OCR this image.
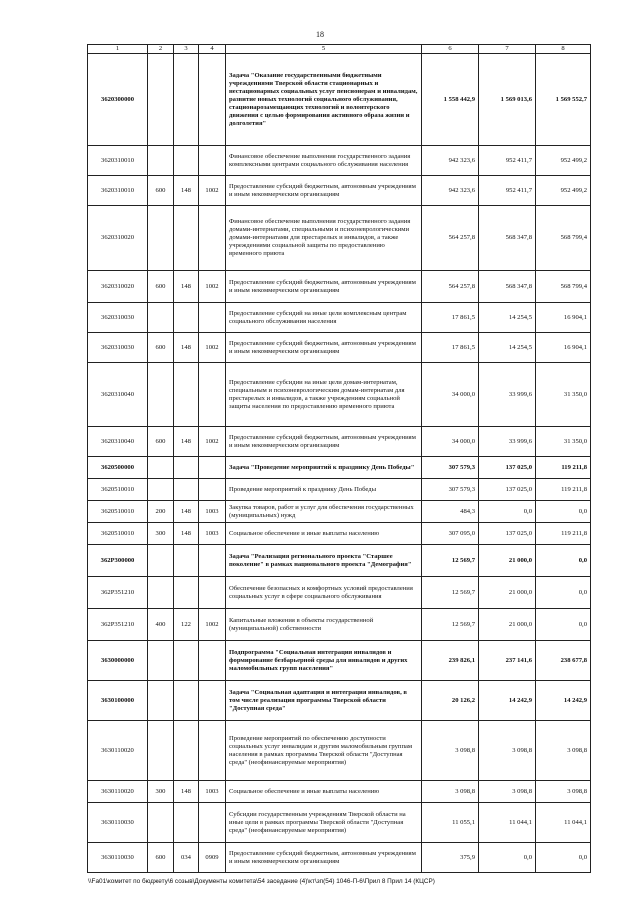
18
1	2	3	4	5	6	7	8
3620300000				Задача "Оказание государственными бюджетными учреждениями Тверской области стационарных и нестационарных социальных услуг пенсионерам и инвалидам, развитие новых технологий социального обслуживания, стационарозамещающих технологий и волонтерского движения с целью формирования активного образа жизни и долголетия"	1 558 442,9	1 569 013,6	1 569 552,7
3620310010				Финансовое обеспечение выполнения государственного задания комплексными центрами социального обслуживания населения	942 323,6	952 411,7	952 499,2
3620310010	600	148	1002	Предоставление субсидий бюджетным, автономным учреждениям и иным некоммерческим организациям	942 323,6	952 411,7	952 499,2
3620310020				Финансовое обеспечение выполнения государственного задания домами-интернатами, специальными и психоневрологическими домами-интернатами для престарелых и инвалидов, а также учреждениями социальной защиты по предоставлению временного приюта	564 257,8	568 347,8	568 799,4
3620310020	600	148	1002	Предоставление субсидий бюджетным, автономным учреждениям и иным некоммерческим организациям	564 257,8	568 347,8	568 799,4
3620310030				Предоставление субсидий на иные цели комплексным центрам социального обслуживания населения	17 861,5	14 254,5	16 904,1
3620310030	600	148	1002	Предоставление субсидий бюджетным, автономным учреждениям и иным некоммерческим организациям	17 861,5	14 254,5	16 904,1
3620310040				Предоставление субсидии на иные цели домам-интернатам, специальным и психоневрологическим домам-интернатам для престарелых и инвалидов, а также учреждениям социальной защиты населения по предоставлению временного приюта	34 000,0	33 999,6	31 350,0
3620310040	600	148	1002	Предоставление субсидий бюджетным, автономным учреждениям и иным некоммерческим организациям	34 000,0	33 999,6	31 350,0
3620500000				Задача "Проведение мероприятий к празднику День Победы"	307 579,3	137 025,0	119 211,8
3620510010				Проведение мероприятий к празднику День Победы	307 579,3	137 025,0	119 211,8
3620510010	200	148	1003	Закупка товаров, работ и услуг для обеспечения государственных (муниципальных) нужд	484,3	0,0	0,0
3620510010	300	148	1003	Социальное обеспечение и иные выплаты населению	307 095,0	137 025,0	119 211,8
362P300000				Задача "Реализация регионального проекта "Старшее поколение" в рамках национального проекта "Демография"	12 569,7	21 000,0	0,0
362P351210				Обеспечение безопасных и комфортных условий предоставления социальных услуг в сфере социального обслуживания	12 569,7	21 000,0	0,0
362P351210	400	122	1002	Капитальные вложения в объекты государственной (муниципальной) собственности	12 569,7	21 000,0	0,0
3630000000				Подпрограмма "Социальная интеграция инвалидов и формирование безбарьерной среды для инвалидов и других маломобильных групп населения"	239 826,1	237 141,6	238 677,8
3630100000				Задача "Социальная адаптация и интеграция инвалидов, в том числе реализация программы Тверской области "Доступная среда"	20 126,2	14 242,9	14 242,9
3630110020				Проведение мероприятий по обеспечению доступности социальных услуг инвалидам и другим маломобильным группам населения в рамках программы Тверской области "Доступная среда" (неофинансируемые мероприятия)	3 098,8	3 098,8	3 098,8
3630110020	300	148	1003	Социальное обеспечение и иные выплаты населению	3 098,8	3 098,8	3 098,8
3630110030				Субсидии государственным учреждениям Тверской области на иные цели в рамках программы Тверской области "Доступная среда" (неофинансируемые мероприятия)	11 055,1	11 044,1	11 044,1
3630110030	600	034	0909	Предоставление субсидий бюджетным, автономным учреждениям и иным некоммерческим организациям	375,9	0,0	0,0
\\Fa01\комитет по бюджету\6 созыв\Документы комитета\54 заседание (4)\кт\зп(54) 1046-П-6\Прил 8 Прил 14 (КЦСР)
